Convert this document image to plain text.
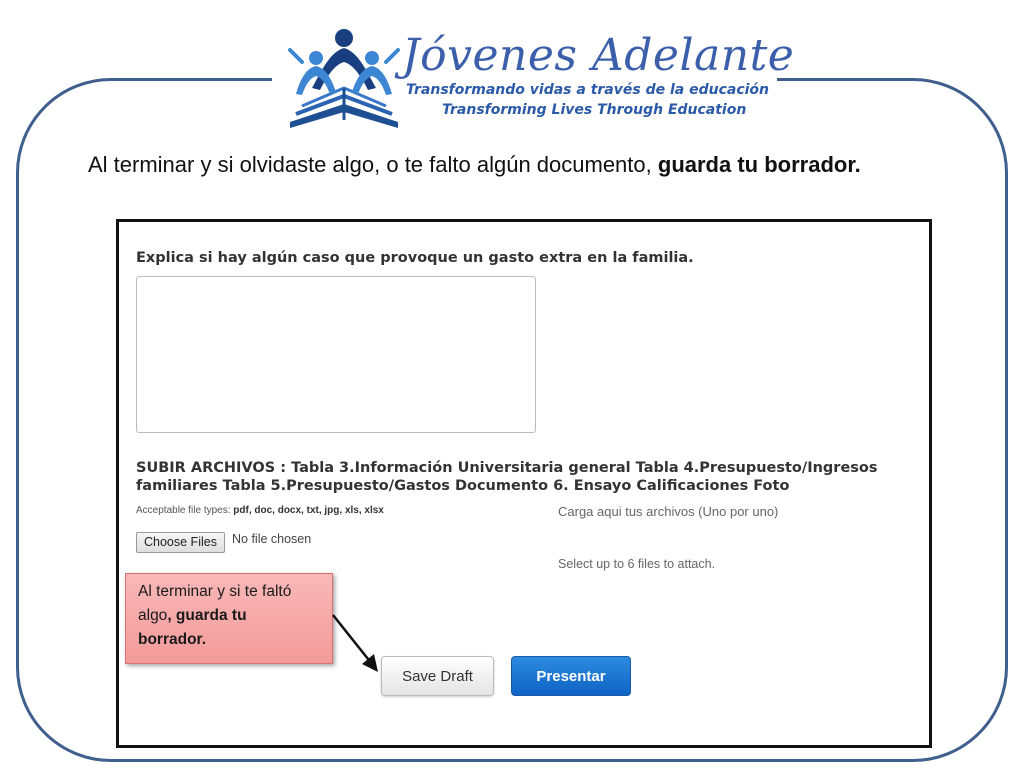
Jóvenes Adelante
Transformando vidas a través de la educación
Transforming Lives Through Education
Al terminar y si olvidaste algo, o te falto algún documento, guarda tu borrador.
Explica si hay algún caso que provoque un gasto extra en la familia.
SUBIR ARCHIVOS : Tabla 3.Información Universitaria general Tabla 4.Presupuesto/Ingresos familiares Tabla 5.Presupuesto/Gastos Documento 6. Ensayo Calificaciones Foto
Acceptable file types: pdf, doc, docx, txt, jpg, xls, xlsx	Carga aqui tus archivos (Uno por uno)
Choose Files	No file chosen
Select up to 6 files to attach.
Save Draft	Presentar
Al terminar y si te faltó
algo, guarda tu
borrador.
